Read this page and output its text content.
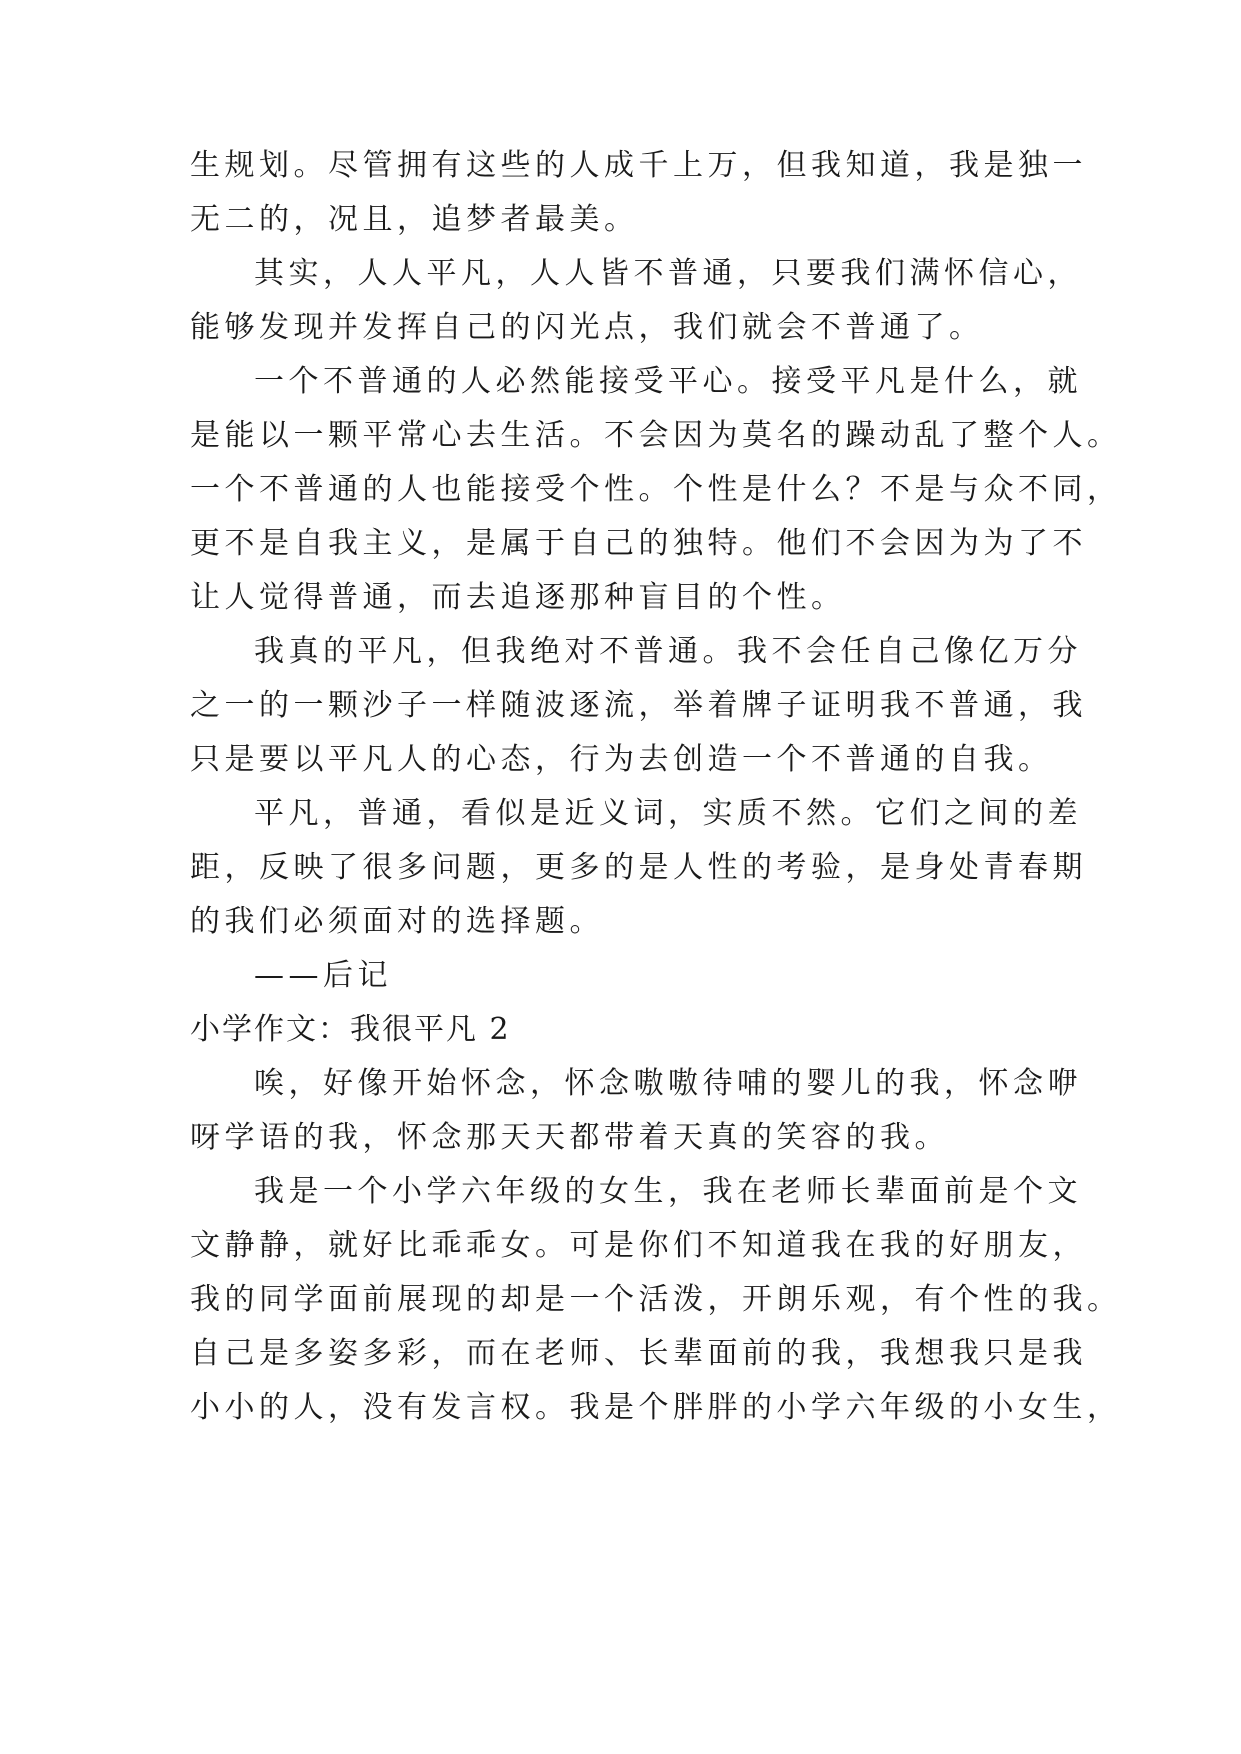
生规划。尽管拥有这些的人成千上万，但我知道，我是独一
无二的，况且，追梦者最美。
其实，人人平凡，人人皆不普通，只要我们满怀信心，
能够发现并发挥自己的闪光点，我们就会不普通了。
一个不普通的人必然能接受平心。接受平凡是什么，就
是能以一颗平常心去生活。不会因为莫名的躁动乱了整个人。
一个不普通的人也能接受个性。个性是什么？不是与众不同，
更不是自我主义，是属于自己的独特。他们不会因为为了不
让人觉得普通，而去追逐那种盲目的个性。
我真的平凡，但我绝对不普通。我不会任自己像亿万分
之一的一颗沙子一样随波逐流，举着牌子证明我不普通，我
只是要以平凡人的心态，行为去创造一个不普通的自我。
平凡，普通，看似是近义词，实质不然。它们之间的差
距，反映了很多问题，更多的是人性的考验，是身处青春期
的我们必须面对的选择题。
——后记
小学作文：我很平凡 2
唉，好像开始怀念，怀念嗷嗷待哺的婴儿的我，怀念咿
呀学语的我，怀念那天天都带着天真的笑容的我。
我是一个小学六年级的女生，我在老师长辈面前是个文
文静静，就好比乖乖女。可是你们不知道我在我的好朋友，
我的同学面前展现的却是一个活泼，开朗乐观，有个性的我。
自己是多姿多彩，而在老师、长辈面前的我，我想我只是我
小小的人，没有发言权。我是个胖胖的小学六年级的小女生，
